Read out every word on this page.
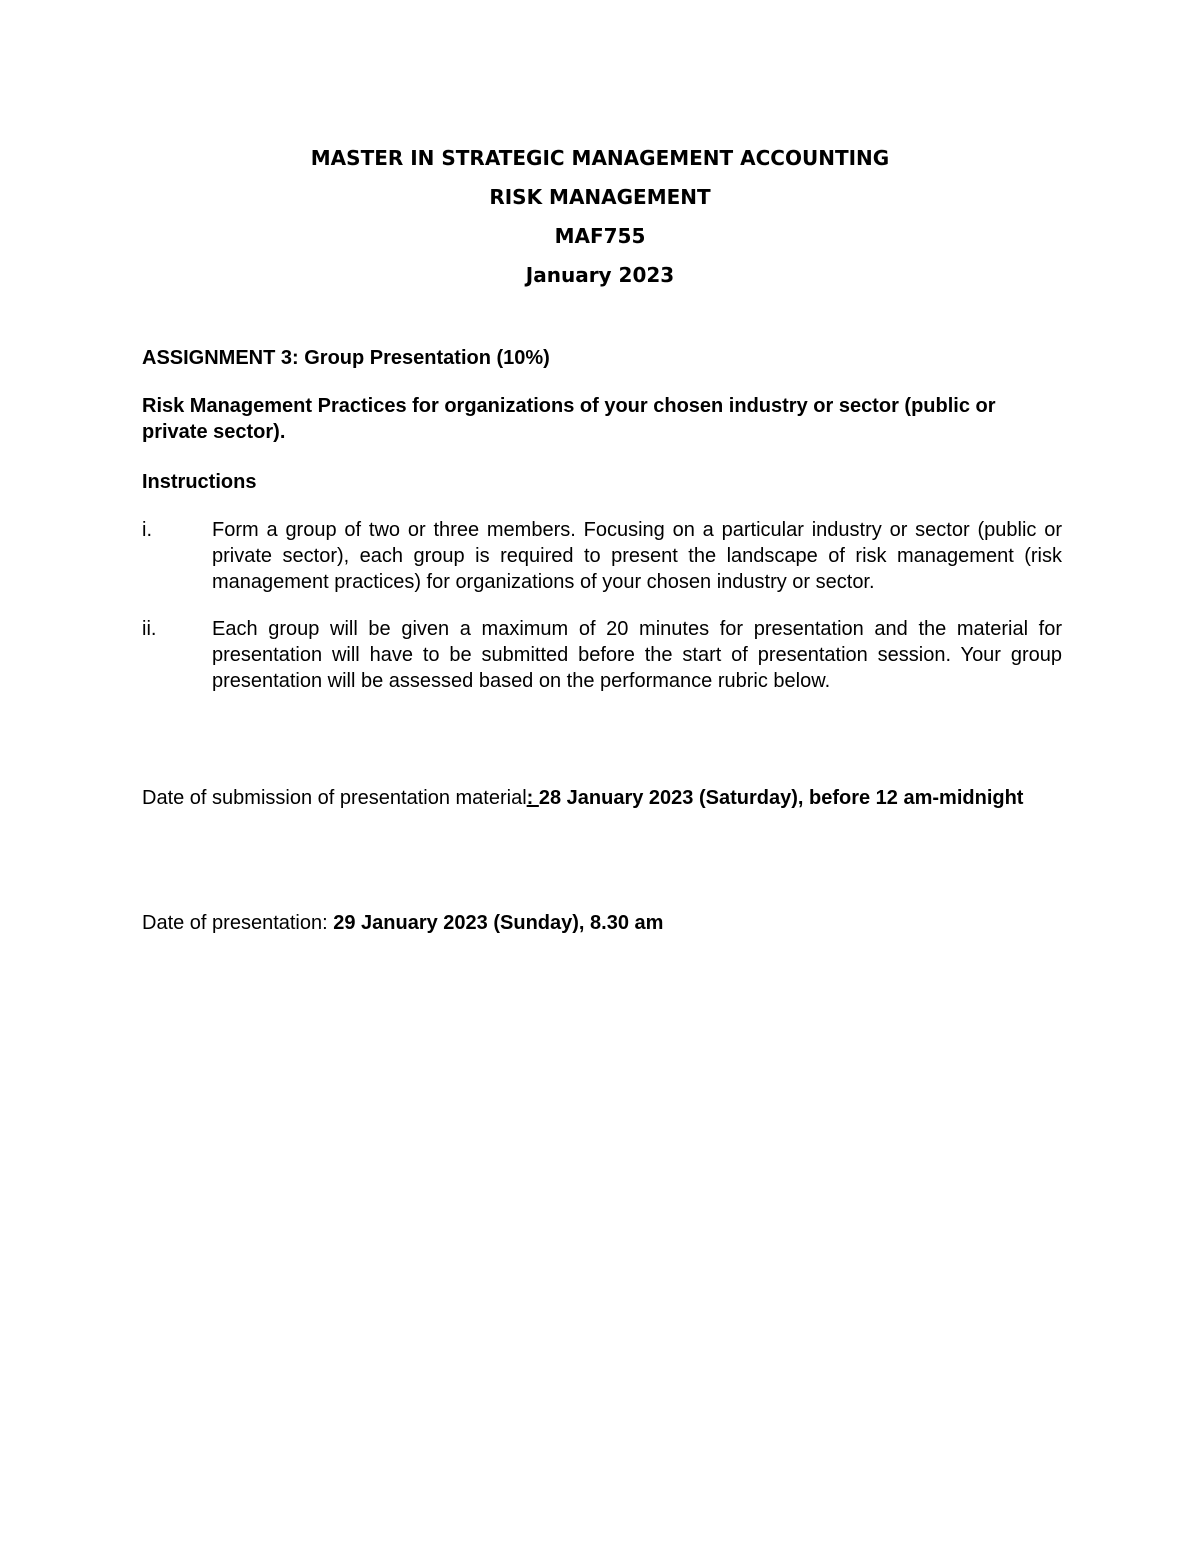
MASTER IN STRATEGIC MANAGEMENT ACCOUNTING
RISK MANAGEMENT
MAF755
January 2023
ASSIGNMENT 3: Group Presentation (10%)
Risk Management Practices for organizations of your chosen industry or sector (public or private sector).
Instructions
i.	Form a group of two or three members. Focusing on a particular industry or sector (public or private sector), each group is required to present the landscape of risk management (risk management practices) for organizations of your chosen industry or sector.
ii.	Each group will be given a maximum of 20 minutes for presentation and the material for presentation will have to be submitted before the start of presentation session. Your group presentation will be assessed based on the performance rubric below.
Date of submission of presentation material: 28 January 2023 (Saturday), before 12 am-midnight
Date of presentation: 29 January 2023 (Sunday), 8.30 am
